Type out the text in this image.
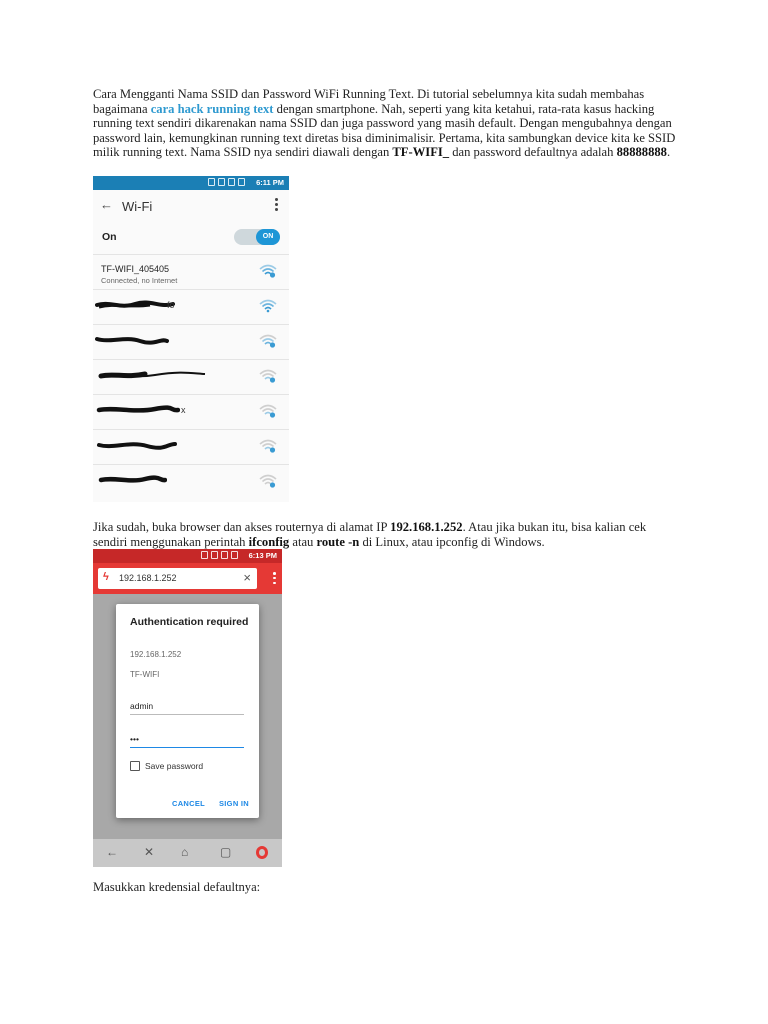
Cara Mengganti Nama SSID dan Password WiFi Running Text. Di tutorial sebelumnya kita sudah membahas bagaimana cara hack running text dengan smartphone. Nah, seperti yang kita ketahui, rata-rata kasus hacking running text sendiri dikarenakan nama SSID dan juga password yang masih default. Dengan mengubahnya dengan password lain, kemungkinan running text diretas bisa diminimalisir. Pertama, kita sambungkan device kita ke SSID milik running text. Nama SSID nya sendiri diawali dengan TF-WIFI_ dan password defaultnya adalah 88888888.

6:11 PM
← Wi-Fi
On	ON
TF-WIFI_405405
Connected, no Internet
fo
x

Jika sudah, buka browser dan akses routernya di alamat IP 192.168.1.252. Atau jika bukan itu, bisa kalian cek sendiri menggunakan perintah ifconfig atau route -n di Linux, atau ipconfig di Windows.

6:13 PM
ϟ 192.168.1.252	×
Authentication required
192.168.1.252
TF-WIFI
admin
•••
Save password
CANCEL SIGN IN
← ✕ ⌂	▢

Masukkan kredensial defaultnya:
